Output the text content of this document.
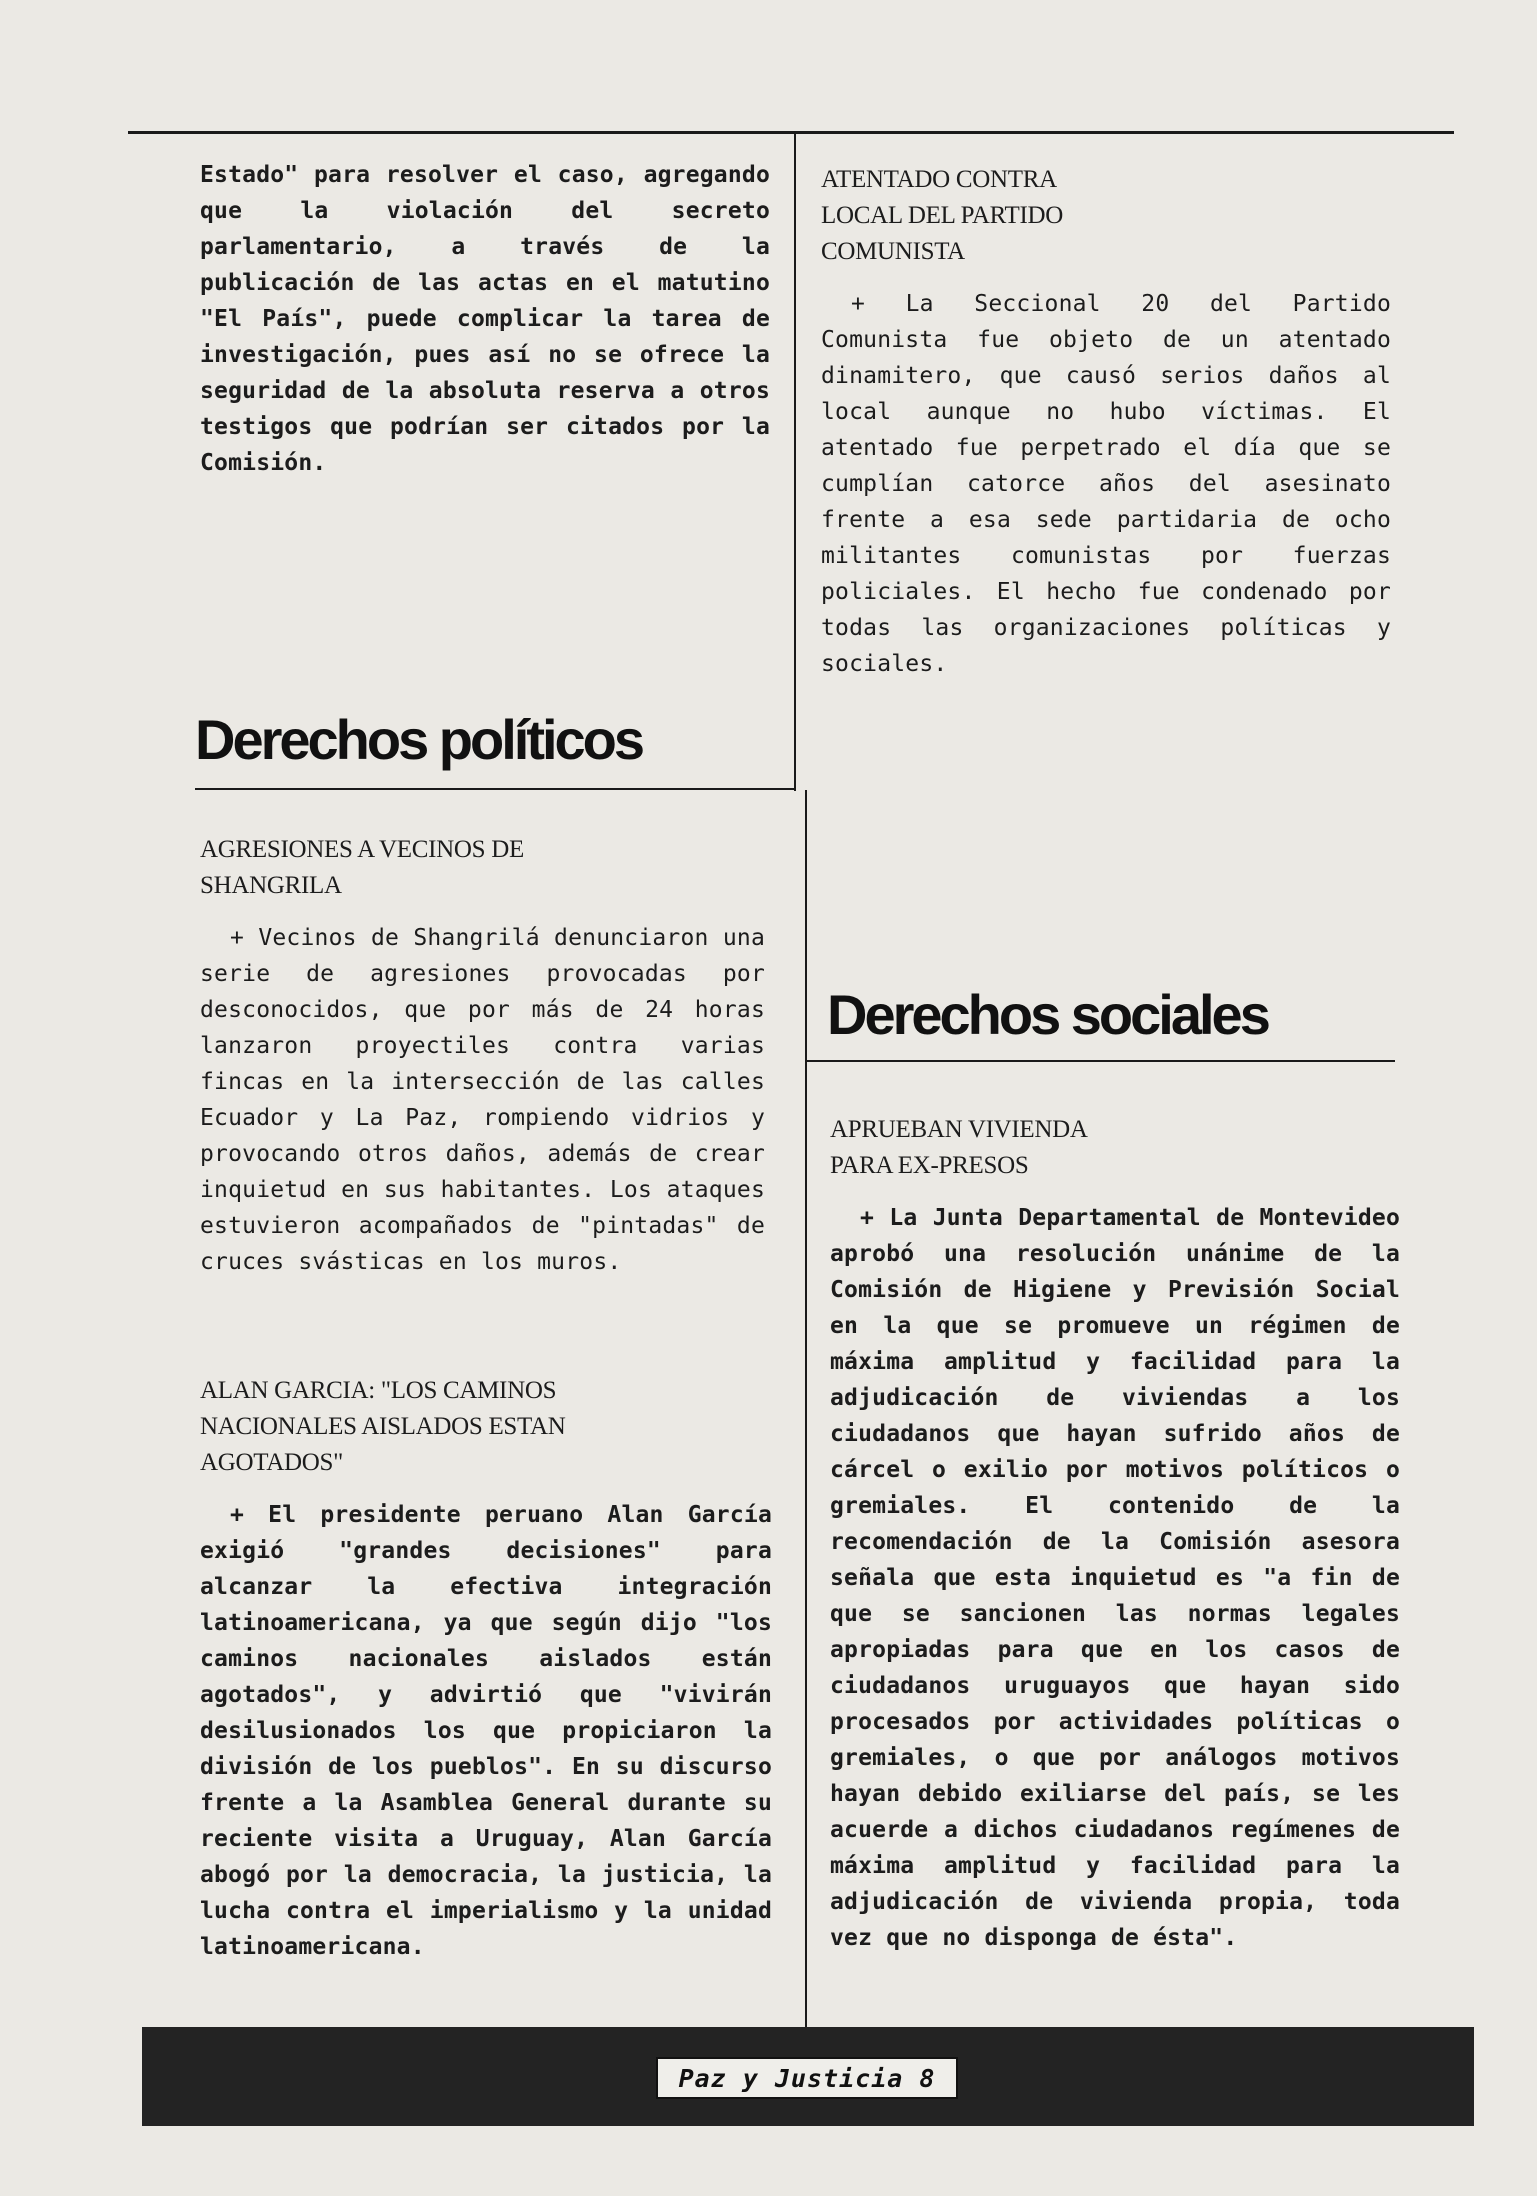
Estado" para resolver el caso, agregando que la violación del secreto parlamentario, a través de la publicación de las actas en el matutino "El País", puede complicar la tarea de investigación, pues así no se ofrece la seguridad de la absoluta reserva a otros testigos que podrían ser citados por la Comisión.

ATENTADO CONTRA LOCAL DEL PARTIDO COMUNISTA

+ La Seccional 20 del Partido Comunista fue objeto de un atentado dinamitero, que causó serios daños al local aunque no hubo víctimas. El atentado fue perpetrado el día que se cumplían catorce años del asesinato frente a esa sede partidaria de ocho militantes comunistas por fuerzas policiales. El hecho fue condenado por todas las organizaciones políticas y sociales.

Derechos políticos

AGRESIONES A VECINOS DE SHANGRILA

+ Vecinos de Shangrilá denunciaron una serie de agresiones provocadas por desconocidos, que por más de 24 horas lanzaron proyectiles contra varias fincas en la intersección de las calles Ecuador y La Paz, rompiendo vidrios y provocando otros daños, además de crear inquietud en sus habitantes. Los ataques estuvieron acompañados de "pintadas" de cruces svásticas en los muros.

ALAN GARCIA: "LOS CAMINOS NACIONALES AISLADOS ESTAN AGOTADOS"

+ El presidente peruano Alan García exigió "grandes decisiones" para alcanzar la efectiva integración latinoamericana, ya que según dijo "los caminos nacionales aislados están agotados", y advirtió que "vivirán desilusionados los que propiciaron la división de los pueblos". En su discurso frente a la Asamblea General durante su reciente visita a Uruguay, Alan García abogó por la democracia, la justicia, la lucha contra el imperialismo y la unidad latinoamericana.

Derechos sociales

APRUEBAN VIVIENDA PARA EX-PRESOS

+ La Junta Departamental de Montevideo aprobó una resolución unánime de la Comisión de Higiene y Previsión Social en la que se promueve un régimen de máxima amplitud y facilidad para la adjudicación de viviendas a los ciudadanos que hayan sufrido años de cárcel o exilio por motivos políticos o gremiales. El contenido de la recomendación de la Comisión asesora señala que esta inquietud es "a fin de que se sancionen las normas legales apropiadas para que en los casos de ciudadanos uruguayos que hayan sido procesados por actividades políticas o gremiales, o que por análogos motivos hayan debido exiliarse del país, se les acuerde a dichos ciudadanos regímenes de máxima amplitud y facilidad para la adjudicación de vivienda propia, toda vez que no disponga de ésta".

Paz y Justicia 8
